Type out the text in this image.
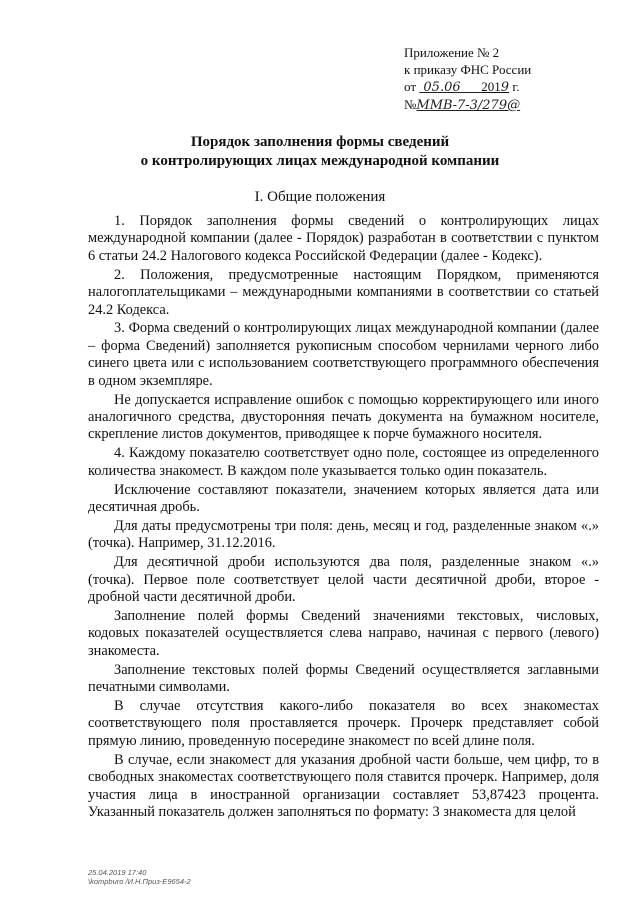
Приложение № 2
к приказу ФНС России
от 05.06 2019 г.
№ММВ-7-3/279@
Порядок заполнения формы сведений
о контролирующих лицах международной компании
I. Общие положения

1. Порядок заполнения формы сведений о контролирующих лицах международной компании (далее - Порядок) разработан в соответствии с пунктом 6 статьи 24.2 Налогового кодекса Российской Федерации (далее - Кодекс).

2. Положения, предусмотренные настоящим Порядком, применяются налогоплательщиками – международными компаниями в соответствии со статьей 24.2 Кодекса.

3. Форма сведений о контролирующих лицах международной компании (далее – форма Сведений) заполняется рукописным способом чернилами черного либо синего цвета или с использованием соответствующего программного обеспечения в одном экземпляре.

Не допускается исправление ошибок с помощью корректирующего или иного аналогичного средства, двусторонняя печать документа на бумажном носителе, скрепление листов документов, приводящее к порче бумажного носителя.

4. Каждому показателю соответствует одно поле, состоящее из определенного количества знакомест. В каждом поле указывается только один показатель.

Исключение составляют показатели, значением которых является дата или десятичная дробь.

Для даты предусмотрены три поля: день, месяц и год, разделенные знаком «.» (точка). Например, 31.12.2016.

Для десятичной дроби используются два поля, разделенные знаком «.» (точка). Первое поле соответствует целой части десятичной дроби, второе - дробной части десятичной дроби.

Заполнение полей формы Сведений значениями текстовых, числовых, кодовых показателей осуществляется слева направо, начиная с первого (левого) знакоместа.

Заполнение текстовых полей формы Сведений осуществляется заглавными печатными символами.

В случае отсутствия какого-либо показателя во всех знакоместах соответствующего поля проставляется прочерк. Прочерк представляет собой прямую линию, проведенную посередине знакомест по всей длине поля.

В случае, если знакомест для указания дробной части больше, чем цифр, то в свободных знакоместах соответствующего поля ставится прочерк. Например, доля участия лица в иностранной организации составляет 53,87423 процента. Указанный показатель должен заполняться по формату: 3 знакоместа для целой

25.04.2019 17:40
\kompburo /И.Н.Приз-Е9654-2
